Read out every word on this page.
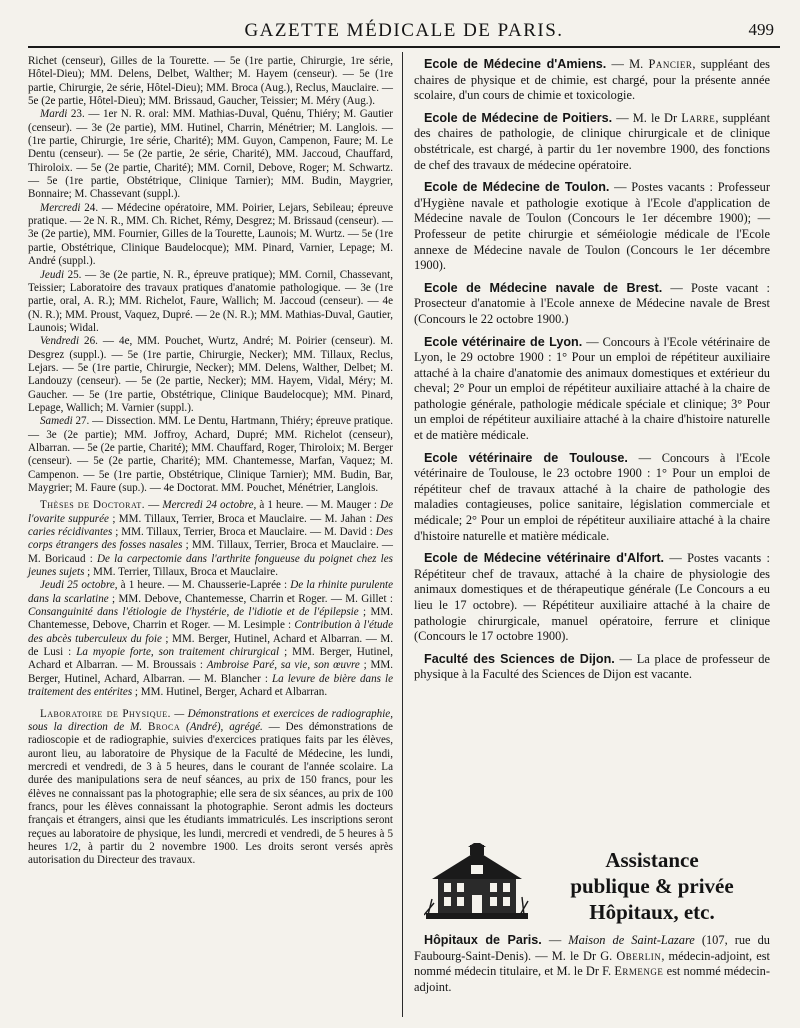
GAZETTE MÉDICALE DE PARIS.	499

Richet (censeur), Gilles de la Tourette. — 5e (1re partie, Chirurgie, 1re série, Hôtel-Dieu); MM. Delens, Delbet, Walther; M. Hayem (censeur). — 5e (1re partie, Chirurgie, 2e série, Hôtel-Dieu); MM. Broca (Aug.), Reclus, Mauclaire. — 5e (2e partie, Hôtel-Dieu); MM. Brissaud, Gaucher, Teissier; M. Méry (Aug.).

Mardi 23. — 1er N. R. oral: MM. Mathias-Duval, Quénu, Thiéry; M. Gautier (censeur). — 3e (2e partie), MM. Hutinel, Charrin, Ménétrier; M. Langlois. — (1re partie, Chirurgie, 1re série, Charité); MM. Guyon, Campenon, Faure; M. Le Dentu (censeur). — 5e (2e partie, 2e série, Charité), MM. Jaccoud, Chauffard, Thiroloix. — 5e (2e partie, Charité); MM. Cornil, Debove, Roger; M. Schwartz. — 5e (1re partie, Obstétrique, Clinique Tarnier); MM. Budin, Maygrier, Bonnaire; M. Chassevant (suppl.).

Mercredi 24. — Médecine opératoire, MM. Poirier, Lejars, Sebileau; épreuve pratique. — 2e N. R., MM. Ch. Richet, Rémy, Desgrez; M. Brissaud (censeur). — 3e (2e partie), MM. Fournier, Gilles de la Tourette, Launois; M. Wurtz. — 5e (1re partie, Obstétrique, Clinique Baudelocque); MM. Pinard, Varnier, Lepage; M. André (suppl.).

Jeudi 25. — 3e (2e partie, N. R., épreuve pratique); MM. Cornil, Chassevant, Teissier; Laboratoire des travaux pratiques d'anatomie pathologique. — 3e (1re partie, oral, A. R.); MM. Richelot, Faure, Wallich; M. Jaccoud (censeur). — 4e (N. R.); MM. Proust, Vaquez, Dupré. — 2e (N. R.); MM. Mathias-Duval, Gautier, Launois; Widal.

Vendredi 26. — 4e, MM. Pouchet, Wurtz, André; M. Poirier (censeur). M. Desgrez (suppl.). — 5e (1re partie, Chirurgie, Necker); MM. Tillaux, Reclus, Lejars. — 5e (1re partie, Chirurgie, Necker); MM. Delens, Walther, Delbet; M. Landouzy (censeur). — 5e (2e partie, Necker); MM. Hayem, Vidal, Méry; M. Gaucher. — 5e (1re partie, Obstétrique, Clinique Baudelocque); MM. Pinard, Lepage, Wallich; M. Varnier (suppl.).

Samedi 27. — Dissection. MM. Le Dentu, Hartmann, Thiéry; épreuve pratique. — 3e (2e partie); MM. Joffroy, Achard, Dupré; MM. Richelot (censeur), Albarran. — 5e (2e partie, Charité); MM. Chauffard, Roger, Thiroloix; M. Berger (censeur). — 5e (2e partie, Charité); MM. Chantemesse, Marfan, Vaquez; M. Campenon. — 5e (1re partie, Obstétrique, Clinique Tarnier); MM. Budin, Bar, Maygrier; M. Faure (sup.). — 4e Doctorat. MM. Pouchet, Ménétrier, Langlois.

Thèses de Doctorat. — Mercredi 24 octobre, à 1 heure. — M. Mauger : De l'ovarite suppurée ; MM. Tillaux, Terrier, Broca et Mauclaire. — M. Jahan : Des caries récidivantes ; MM. Tillaux, Terrier, Broca et Mauclaire. — M. David : Des corps étrangers des fosses nasales ; MM. Tillaux, Terrier, Broca et Mauclaire. — M. Boricaud : De la carpectomie dans l'arthrite fongueuse du poignet chez les jeunes sujets ; MM. Terrier, Tillaux, Broca et Mauclaire.

Jeudi 25 octobre, à 1 heure. — M. Chausserie-Laprée : De la rhinite purulente dans la scarlatine ; MM. Debove, Chantemesse, Charrin et Roger. — M. Gillet : Consanguinité dans l'étiologie de l'hystérie, de l'idiotie et de l'épilepsie ; MM. Chantemesse, Debove, Charrin et Roger. — M. Lesimple : Contribution à l'étude des abcès tuberculeux du foie ; MM. Berger, Hutinel, Achard et Albarran. — M. de Lusi : La myopie forte, son traitement chirurgical ; MM. Berger, Hutinel, Achard et Albarran. — M. Broussais : Ambroise Paré, sa vie, son œuvre ; MM. Berger, Hutinel, Achard, Albarran. — M. Blancher : La levure de bière dans le traitement des entérites ; MM. Hutinel, Berger, Achard et Albarran.

Laboratoire de Physique. — Démonstrations et exercices de radiographie, sous la direction de M. Broca (André), agrégé. — Des démonstrations de radioscopie et de radiographie, suivies d'exercices pratiques faits par les élèves, auront lieu, au laboratoire de Physique de la Faculté de Médecine, les lundi, mercredi et vendredi, de 3 à 5 heures, dans le courant de l'année scolaire. La durée des manipulations sera de neuf séances, au prix de 150 francs, pour les élèves ne connaissant pas la photographie; elle sera de six séances, au prix de 100 francs, pour les élèves connaissant la photographie. Seront admis les docteurs français et étrangers, ainsi que les étudiants immatriculés. Les inscriptions seront reçues au laboratoire de physique, les lundi, mercredi et vendredi, de 5 heures à 5 heures 1/2, à partir du 2 novembre 1900. Les droits seront versés après autorisation du Directeur des travaux.

Ecole de Médecine d'Amiens. — M. Pancier, suppléant des chaires de physique et de chimie, est chargé, pour la présente année scolaire, d'un cours de chimie et toxicologie.

Ecole de Médecine de Poitiers. — M. le Dr Larre, suppléant des chaires de pathologie, de clinique chirurgicale et de clinique obstétricale, est chargé, à partir du 1er novembre 1900, des fonctions de chef des travaux de médecine opératoire.

Ecole de Médecine de Toulon. — Postes vacants : Professeur d'Hygiène navale et pathologie exotique à l'Ecole d'application de Médecine navale de Toulon (Concours le 1er décembre 1900); — Professeur de petite chirurgie et séméiologie médicale de l'Ecole annexe de Médecine navale de Toulon (Concours le 1er décembre 1900).

Ecole de Médecine navale de Brest. — Poste vacant : Prosecteur d'anatomie à l'Ecole annexe de Médecine navale de Brest (Concours le 22 octobre 1900.)

Ecole vétérinaire de Lyon. — Concours à l'Ecole vétérinaire de Lyon, le 29 octobre 1900 : 1° Pour un emploi de répétiteur auxiliaire attaché à la chaire d'anatomie des animaux domestiques et extérieur du cheval; 2° Pour un emploi de répétiteur auxiliaire attaché à la chaire de pathologie générale, pathologie médicale spéciale et clinique; 3° Pour un emploi de répétiteur auxiliaire attaché à la chaire d'histoire naturelle et de matière médicale.

Ecole vétérinaire de Toulouse. — Concours à l'Ecole vétérinaire de Toulouse, le 23 octobre 1900 : 1° Pour un emploi de répétiteur chef de travaux attaché à la chaire de pathologie des maladies contagieuses, police sanitaire, législation commerciale et médicale; 2° Pour un emploi de répétiteur auxiliaire attaché à la chaire d'histoire naturelle et matière médicale.

Ecole de Médecine vétérinaire d'Alfort. — Postes vacants : Répétiteur chef de travaux, attaché à la chaire de physiologie des animaux domestiques et de thérapeutique générale (Le Concours a eu lieu le 17 octobre). — Répétiteur auxiliaire attaché à la chaire de pathologie chirurgicale, manuel opératoire, ferrure et clinique (Concours le 17 octobre 1900).

Faculté des Sciences de Dijon. — La place de professeur de physique à la Faculté des Sciences de Dijon est vacante.

Assistance
publique & privée
Hôpitaux, etc.

Hôpitaux de Paris. — Maison de Saint-Lazare (107, rue du Faubourg-Saint-Denis). — M. le Dr G. Oberlin, médecin-adjoint, est nommé médecin titulaire, et M. le Dr F. Ermenge est nommé médecin-adjoint.
